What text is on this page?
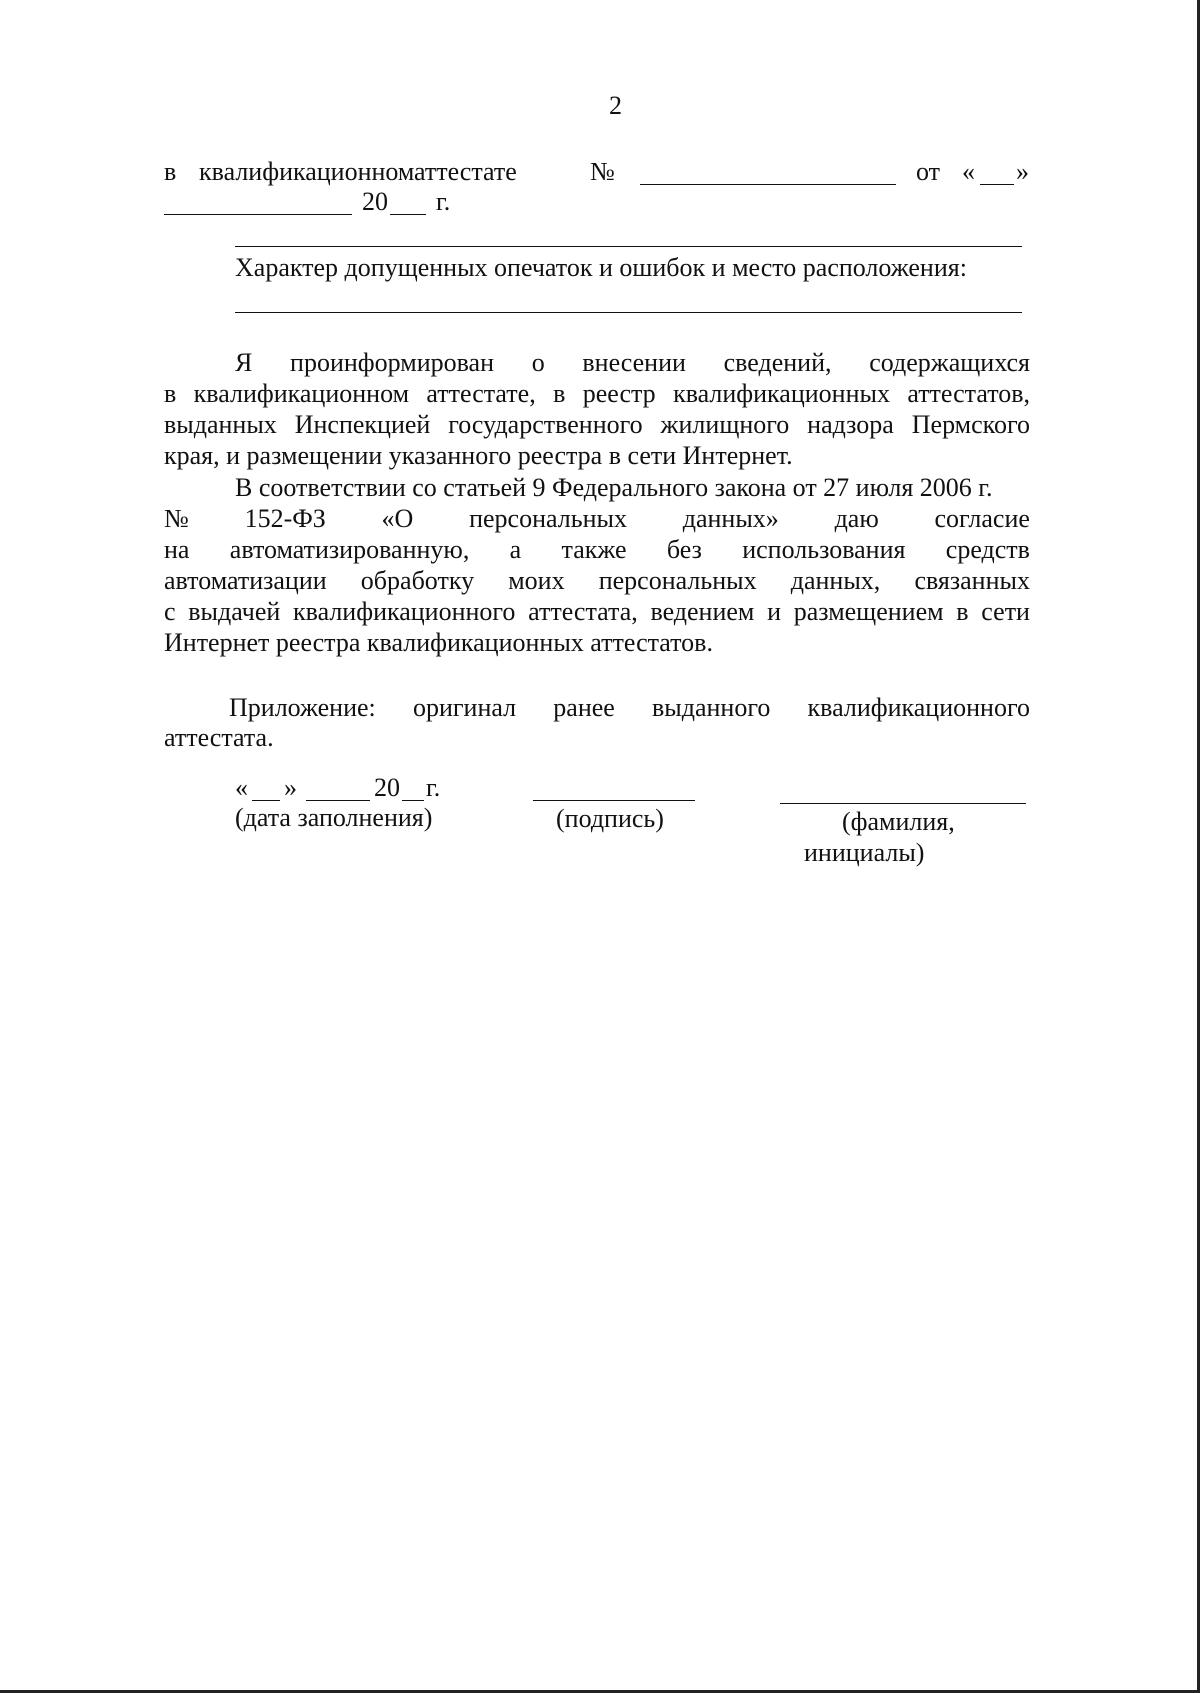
2
в квалификационном аттестате	№	от « »
20 г.
Характер допущенных опечаток и ошибок и место расположения:
Я проинформирован о внесении сведений, содержащихся
в квалификационном аттестате, в реестр квалификационных аттестатов,
выданных Инспекцией государственного жилищного надзора Пермского
края, и размещении указанного реестра в сети Интернет.
В соответствии со статьей 9 Федерального закона от 27 июля 2006 г.
№ 152-ФЗ «О персональных данных» даю согласие
на автоматизированную, а также без использования средств
автоматизации обработку моих персональных данных, связанных
с выдачей квалификационного аттестата, ведением и размещением в сети
Интернет реестра квалификационных аттестатов.
Приложение: оригинал ранее выданного квалификационного
аттестата.
« »	20 г.
(дата заполнения)	(подпись)	(фамилия,
инициалы)
